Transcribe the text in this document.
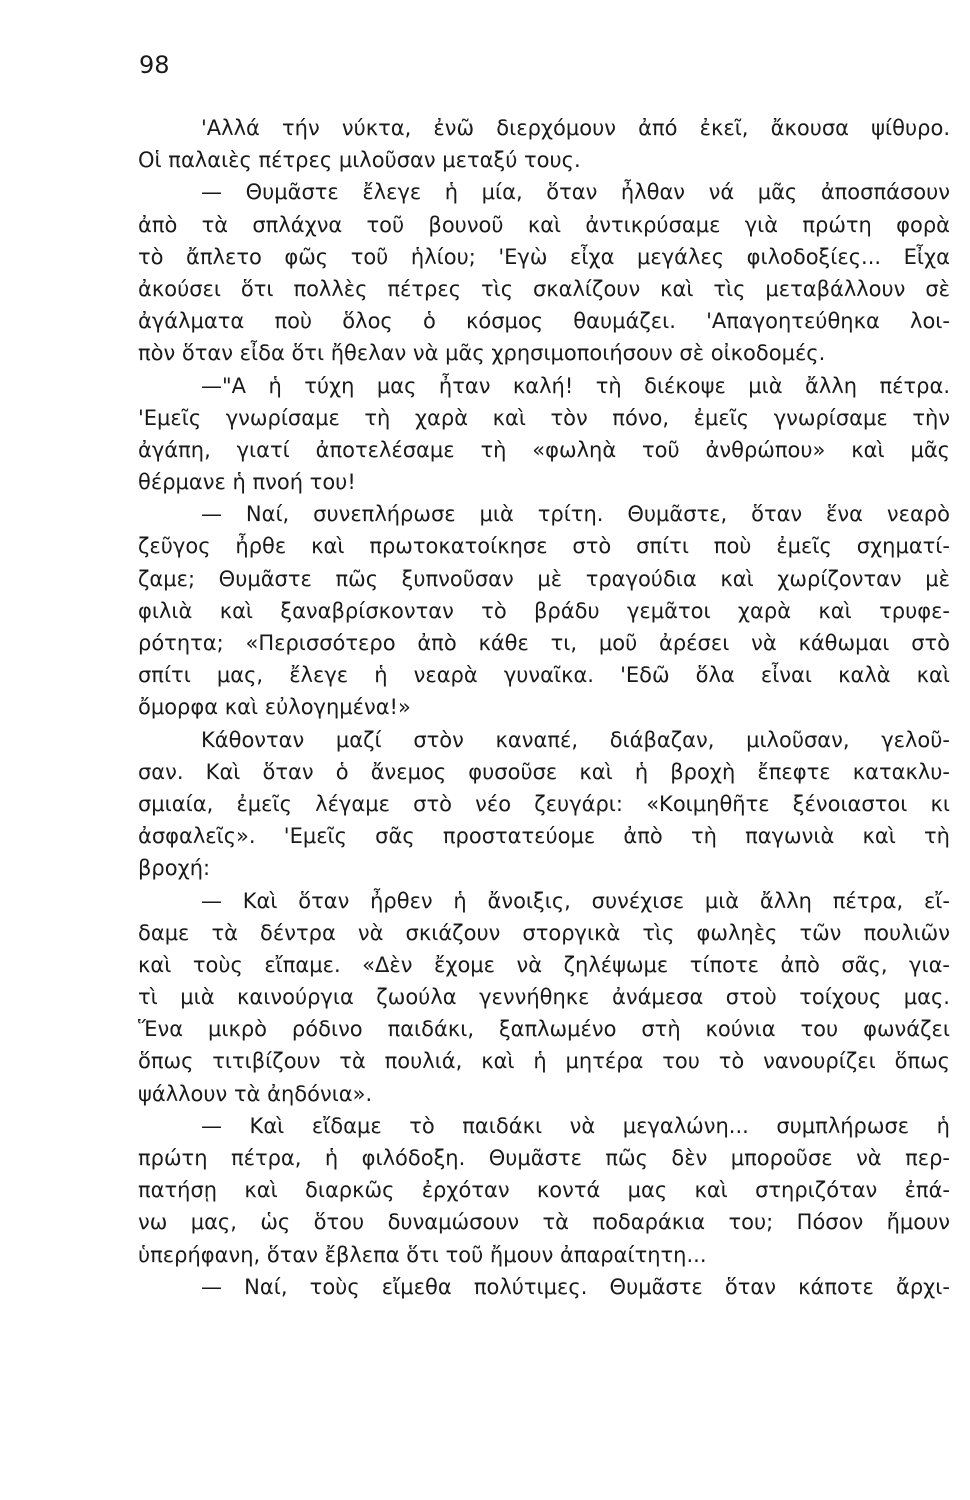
98

'Αλλά τήν νύκτα, ἐνῶ διερχόμουν ἀπό ἐκεῖ, ἄκουσα ψίθυρο.
Οἱ παλαιὲς πέτρες μιλοῦσαν μεταξύ τους.
— Θυμᾶστε ἔλεγε ἡ μία, ὅταν ἦλθαν νά μᾶς ἀποσπάσουν
ἀπὸ τὰ σπλάχνα τοῦ βουνοῦ καὶ ἀντικρύσαμε γιὰ πρώτη φορὰ
τὸ ἄπλετο φῶς τοῦ ἡλίου; 'Εγὼ εἶχα μεγάλες φιλοδοξίες... Εἶχα
ἀκούσει ὅτι πολλὲς πέτρες τὶς σκαλίζουν καὶ τὶς μεταβάλλουν σὲ
ἀγάλματα ποὺ ὅλος ὁ κόσμος θαυμάζει. 'Απαγοητεύθηκα λοι-
πὸν ὅταν εἶδα ὅτι ἤθελαν νὰ μᾶς χρησιμοποιήσουν σὲ οἰκοδομές.
—"Α ἡ τύχη μας ἦταν καλή! τὴ διέκοψε μιὰ ἄλλη πέτρα.
'Εμεῖς γνωρίσαμε τὴ χαρὰ καὶ τὸν πόνο, ἐμεῖς γνωρίσαμε τὴν
ἀγάπη, γιατί ἀποτελέσαμε τὴ «φωληὰ τοῦ ἀνθρώπου» καὶ μᾶς
θέρμανε ἡ πνοή του!
— Ναί, συνεπλήρωσε μιὰ τρίτη. Θυμᾶστε, ὅταν ἕνα νεαρὸ
ζεῦγος ἦρθε καὶ πρωτοκατοίκησε στὸ σπίτι ποὺ ἐμεῖς σχηματί-
ζαμε; Θυμᾶστε πῶς ξυπνοῦσαν μὲ τραγούδια καὶ χωρίζονταν μὲ
φιλιὰ καὶ ξαναβρίσκονταν τὸ βράδυ γεμᾶτοι χαρὰ καὶ τρυφε-
ρότητα; «Περισσότερο ἀπὸ κάθε τι, μοῦ ἀρέσει νὰ κάθωμαι στὸ
σπίτι μας, ἔλεγε ἡ νεαρὰ γυναῖκα. 'Εδῶ ὅλα εἶναι καλὰ καὶ
ὄμορφα καὶ εὐλογημένα!»
Κάθονταν μαζί στὸν καναπέ, διάβαζαν, μιλοῦσαν, γελοῦ-
σαν. Καὶ ὅταν ὁ ἄνεμος φυσοῦσε καὶ ἡ βροχὴ ἔπεφτε κατακλυ-
σμιαία, ἐμεῖς λέγαμε στὸ νέο ζευγάρι: «Κοιμηθῆτε ξένοιαστοι κι
ἀσφαλεῖς». 'Εμεῖς σᾶς προστατεύομε ἀπὸ τὴ παγωνιὰ καὶ τὴ
βροχή:
— Καὶ ὅταν ἦρθεν ἡ ἄνοιξις, συνέχισε μιὰ ἄλλη πέτρα, εἴ-
δαμε τὰ δέντρα νὰ σκιάζουν στοργικὰ τὶς φωληὲς τῶν πουλιῶν
καὶ τοὺς εἴπαμε. «Δὲν ἔχομε νὰ ζηλέψωμε τίποτε ἀπὸ σᾶς, για-
τὶ μιὰ καινούργια ζωούλα γεννήθηκε ἀνάμεσα στοὺ τοίχους μας.
Ἕνα μικρὸ ρόδινο παιδάκι, ξαπλωμένο στὴ κούνια του φωνάζει
ὅπως τιτιβίζουν τὰ πουλιά, καὶ ἡ μητέρα του τὸ νανουρίζει ὅπως
ψάλλουν τὰ ἀηδόνια».
— Καὶ εἴδαμε τὸ παιδάκι νὰ μεγαλώνη... συμπλήρωσε ἡ
πρώτη πέτρα, ἡ φιλόδοξη. Θυμᾶστε πῶς δὲν μποροῦσε νὰ περ-
πατήσῃ καὶ διαρκῶς ἐρχόταν κοντά μας καὶ στηριζόταν ἐπά-
νω μας, ὡς ὅτου δυναμώσουν τὰ ποδαράκια του; Πόσον ἤμουν
ὑπερήφανη, ὅταν ἔβλεπα ὅτι τοῦ ἤμουν ἀπαραίτητη...
— Ναί, τοὺς εἴμεθα πολύτιμες. Θυμᾶστε ὅταν κάποτε ἄρχι-
